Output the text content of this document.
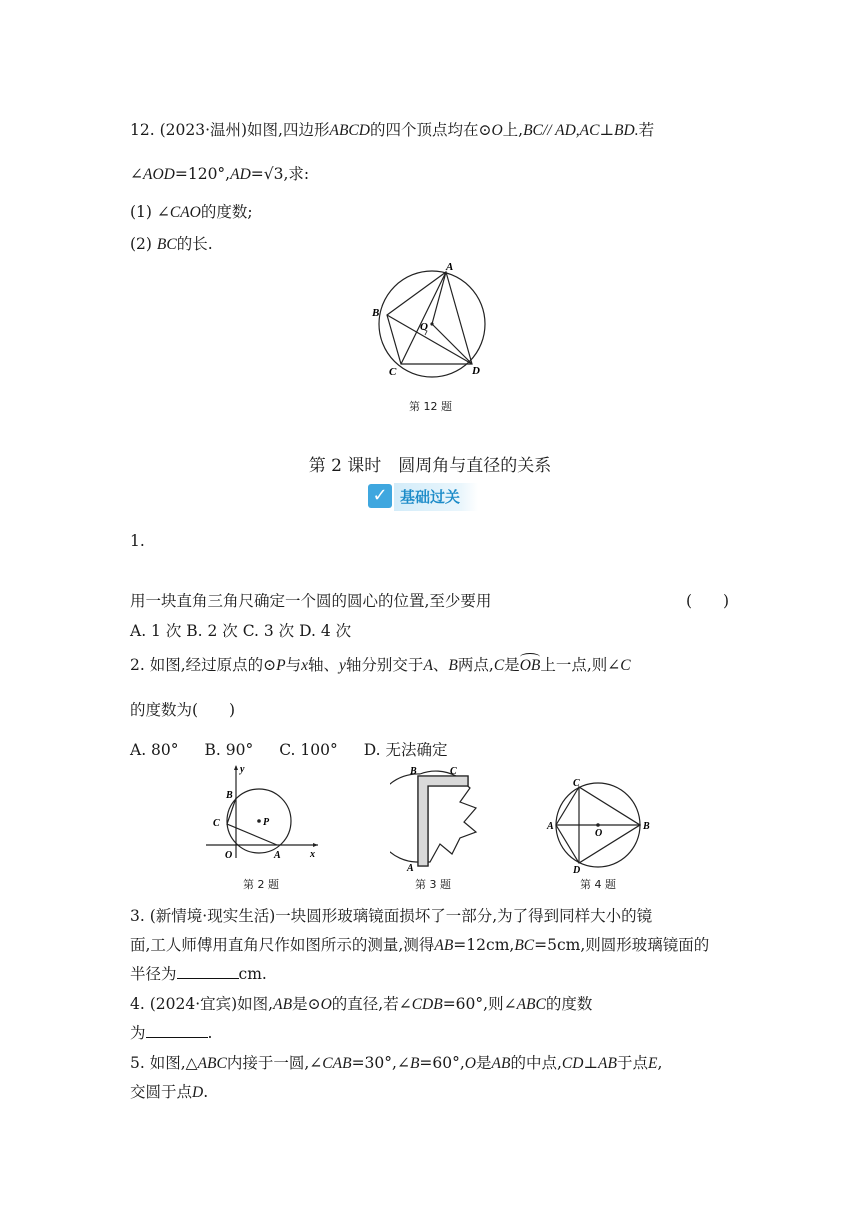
12. (2023·温州)如图,四边形ABCD的四个顶点均在⊙O上,BC// AD,AC⊥BD.若
∠AOD=120°,AD=√3,求:
(1) ∠CAO的度数;
(2) BC的长.
A
B
C	D
O
第 12 题
第 2 课时　圆周角与直径的关系
✓ 基础过关
1.
用一块直角三角尺确定一个圆的圆心的位置,至少要用	(　　)
A. 1 次 B. 2 次 C. 3 次 D. 4 次
2. 如图,经过原点的⊙P与x轴、y轴分别交于A、B两点,C是
OB上一点,则∠C
的度数为(　　)
A. 80° B. 90° C. 100° D. 无法确定
y
B
C	P
O	A	x
第 2 题
B	C
A
第 3 题
C
A
O
B
D
第 4 题
3. (新情境·现实生活)一块圆形玻璃镜面损坏了一部分,为了得到同样大小的镜
面,工人师傅用直角尺作如图所示的测量,测得AB=12cm,BC=5cm,则圆形玻璃镜面的
半径为	cm.
4. (2024·宜宾)如图,AB是⊙O的直径,若∠CDB=60°,则∠ABC的度数
为	.
5. 如图,△ABC内接于一圆,∠CAB=30°,∠B=60°,O是AB的中点,CD⊥AB于点E,
交圆于点D.
